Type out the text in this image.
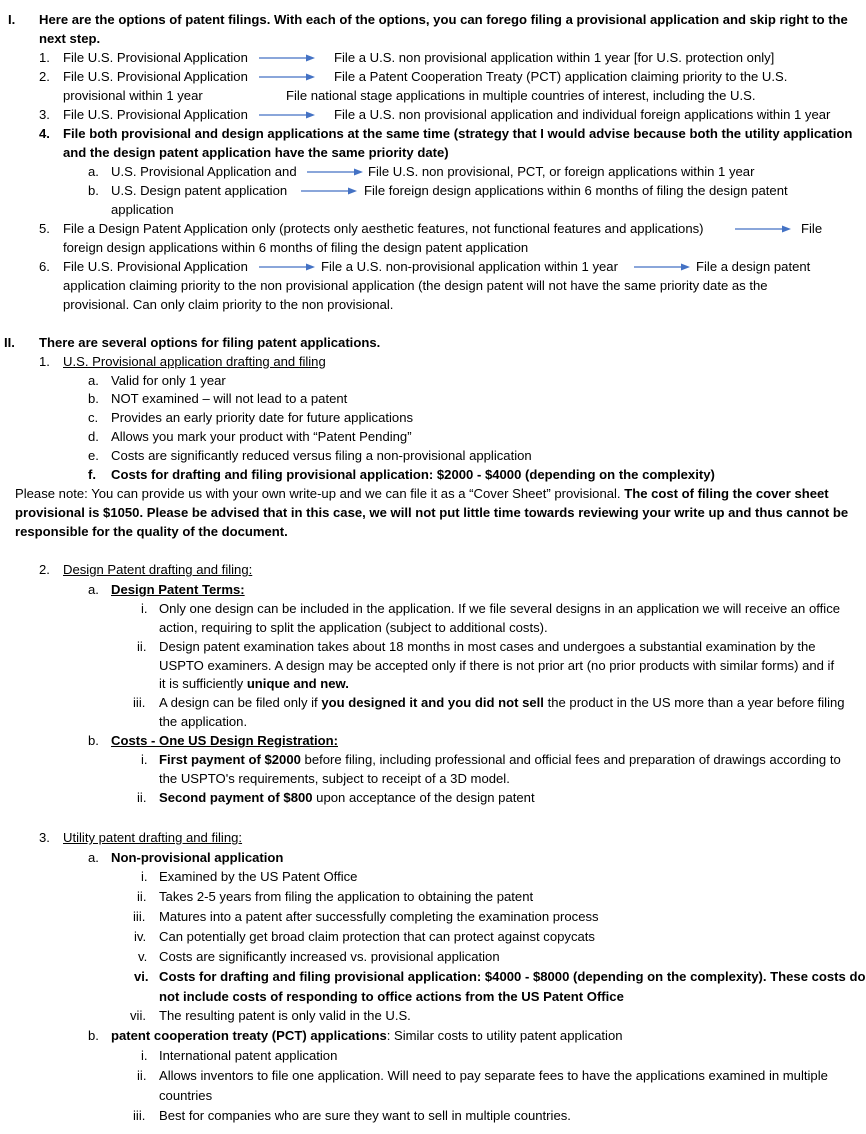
I. Here are the options of patent filings. With each of the options, you can forego filing a provisional application and skip right to the
next step.
1. File U.S. Provisional Application	File a U.S. non provisional application within 1 year [for U.S. protection only]
2. File U.S. Provisional Application	File a Patent Cooperation Treaty (PCT) application claiming priority to the U.S.
provisional within 1 year	File national stage applications in multiple countries of interest, including the U.S.
3. File U.S. Provisional Application	File a U.S. non provisional application and individual foreign applications within 1 year
4. File both provisional and design applications at the same time (strategy that I would advise because both the utility application
and the design patent application have the same priority date)
a. U.S. Provisional Application and	File U.S. non provisional, PCT, or foreign applications within 1 year
b. U.S. Design patent application	File foreign design applications within 6 months of filing the design patent
application
5. File a Design Patent Application only (protects only aesthetic features, not functional features and applications)	File
foreign design applications within 6 months of filing the design patent application
6. File U.S. Provisional Application	File a U.S. non-provisional application within 1 year	File a design patent
application claiming priority to the non provisional application (the design patent will not have the same priority date as the
provisional. Can only claim priority to the non provisional.
II. There are several options for filing patent applications.
1. U.S. Provisional application drafting and filing
a. Valid for only 1 year
b. NOT examined – will not lead to a patent
c. Provides an early priority date for future applications
d. Allows you mark your product with “Patent Pending”
e. Costs are significantly reduced versus filing a non-provisional application
f. Costs for drafting and filing provisional application: $2000 - $4000 (depending on the complexity)
Please note: You can provide us with your own write-up and we can file it as a “Cover Sheet” provisional. The cost of filing the cover sheet
provisional is $1050. Please be advised that in this case, we will not put little time towards reviewing your write up and thus cannot be
responsible for the quality of the document.
2. Design Patent drafting and filing:
a. Design Patent Terms:
i. Only one design can be included in the application. If we file several designs in an application we will receive an office
action, requiring to split the application (subject to additional costs).
ii. Design patent examination takes about 18 months in most cases and undergoes a substantial examination by the
USPTO examiners. A design may be accepted only if there is not prior art (no prior products with similar forms) and if
it is sufficiently unique and new.
iii. A design can be filed only if you designed it and you did not sell the product in the US more than a year before filing
the application.
b. Costs - One US Design Registration:
i. First payment of $2000 before filing, including professional and official fees and preparation of drawings according to
the USPTO's requirements, subject to receipt of a 3D model.
ii. Second payment of $800 upon acceptance of the design patent
3. Utility patent drafting and filing:
a. Non-provisional application
i. Examined by the US Patent Office
ii. Takes 2-5 years from filing the application to obtaining the patent
iii. Matures into a patent after successfully completing the examination process
iv. Can potentially get broad claim protection that can protect against copycats
v. Costs are significantly increased vs. provisional application
vi. Costs for drafting and filing provisional application: $4000 - $8000 (depending on the complexity). These costs do
not include costs of responding to office actions from the US Patent Office
vii. The resulting patent is only valid in the U.S.
b. patent cooperation treaty (PCT) applications: Similar costs to utility patent application
i. International patent application
ii. Allows inventors to file one application. Will need to pay separate fees to have the applications examined in multiple
countries
iii. Best for companies who are sure they want to sell in multiple countries.
